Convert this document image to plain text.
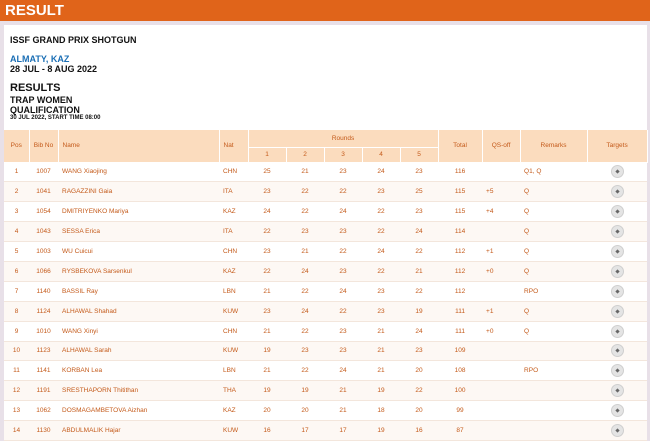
RESULT
ISSF GRAND PRIX SHOTGUN
ALMATY, KAZ
28 JUL - 8 AUG 2022
RESULTS
TRAP WOMEN
QUALIFICATION
30 JUL 2022, START TIME 08:00
Pos	Bib No	Name	Nat	Rounds					Total	QS-off	Remarks	Targets
				1	2	3	4	5				
1	1007	WANG Xiaojing	CHN	25	21	23	24	23	116		Q1, Q	
2	1041	RAGAZZINI Gaia	ITA	23	22	22	23	25	115	+5	Q	
3	1054	DMITRIYENKO Mariya	KAZ	24	22	24	22	23	115	+4	Q	
4	1043	SESSA Erica	ITA	22	23	23	22	24	114		Q	
5	1003	WU Cuicui	CHN	23	21	22	24	22	112	+1	Q	
6	1066	RYSBEKOVA Sarsenkul	KAZ	22	24	23	22	21	112	+0	Q	
7	1140	BASSIL Ray	LBN	21	22	24	23	22	112		RPO	
8	1124	ALHAWAL Shahad	KUW	23	24	22	23	19	111	+1	Q	
9	1010	WANG Xinyi	CHN	21	22	23	21	24	111	+0	Q	
10	1123	ALHAWAL Sarah	KUW	19	23	23	21	23	109			
11	1141	KORBAN Lea	LBN	21	22	24	21	20	108		RPO	
12	1191	SRESTHAPORN Thitithan	THA	19	19	21	19	22	100			
13	1062	DOSMAGAMBETOVA Aizhan	KAZ	20	20	21	18	20	99			
14	1130	ABDULMALIK Hajar	KUW	16	17	17	19	16	87			
